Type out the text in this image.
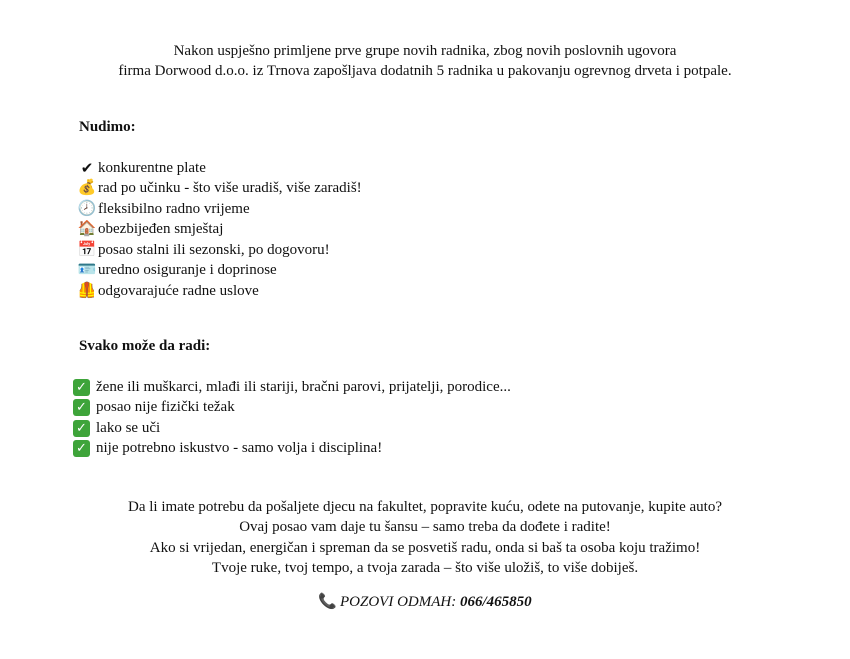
Nakon uspješno primljene prve grupe novih radnika, zbog novih poslovnih ugovora
firma Dorwood d.o.o. iz Trnova zapošljava dodatnih 5 radnika u pakovanju ogrevnog drveta i potpale.
Nudimo:
✔ konkurentne plate
💰 rad po učinku - što više uradiš, više zaradiš!
🕗 fleksibilno radno vrijeme
🏠 obezbijeđen smještaj
📅 posao stalni ili sezonski, po dogovoru!
🪪 uredno osiguranje i doprinose
🦺 odgovarajuće radne uslove
Svako može da radi:
✓ žene ili muškarci, mlađi ili stariji, bračni parovi, prijatelji, porodice...
✓ posao nije fizički težak
✓ lako se uči
✓ nije potrebno iskustvo - samo volja i disciplina!
Da li imate potrebu da pošaljete djecu na fakultet, popravite kuću, odete na putovanje, kupite auto?
Ovaj posao vam daje tu šansu – samo treba da dođete i radite!
Ako si vrijedan, energičan i spreman da se posvetiš radu, onda si baš ta osoba koju tražimo!
Tvoje ruke, tvoj tempo, a tvoja zarada – što više uložiš, to više dobiješ.
📞 POZOVI ODMAH: 066/465850
